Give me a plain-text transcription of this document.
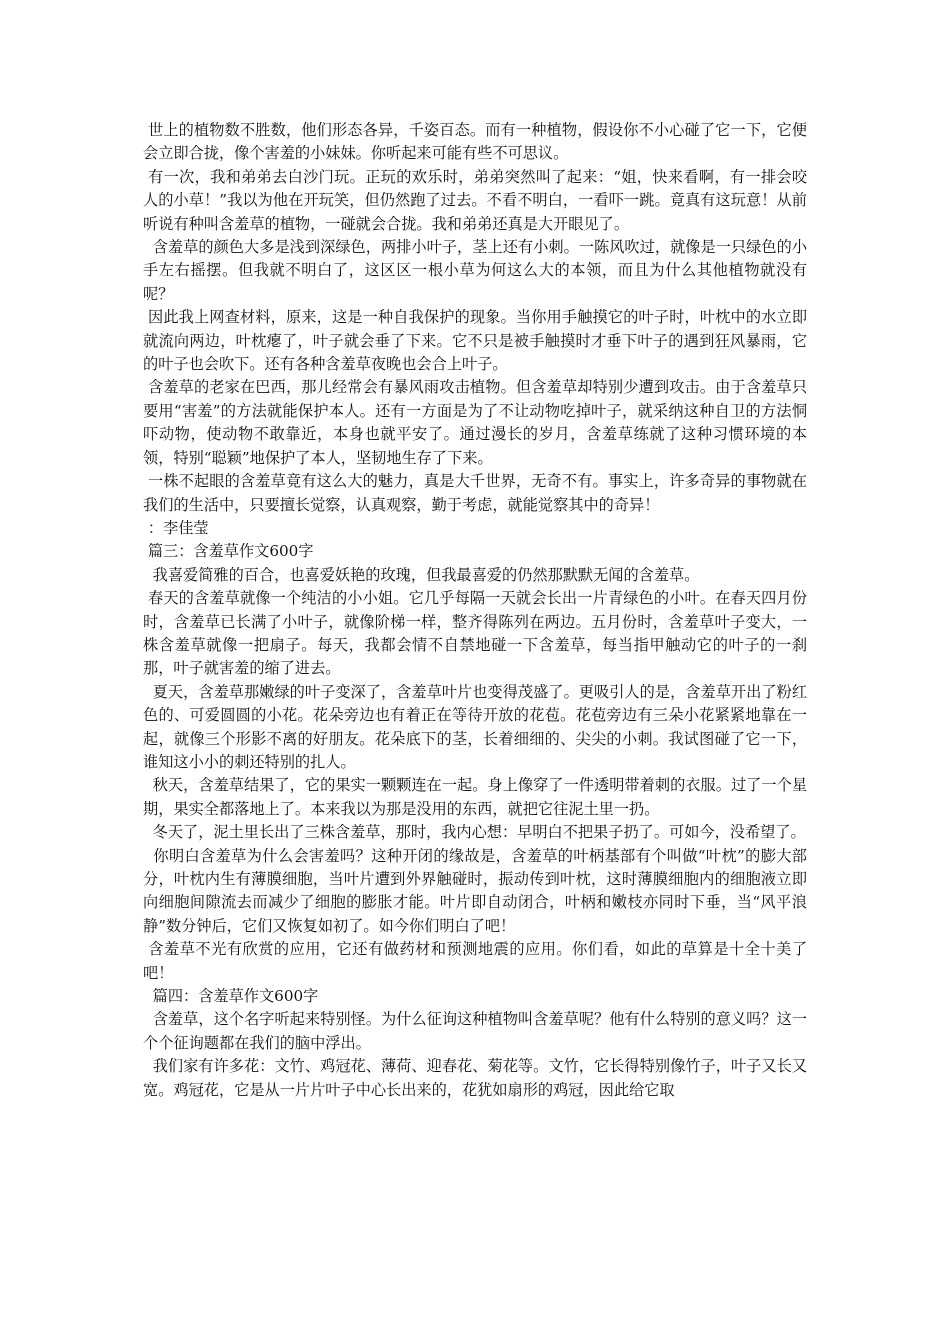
世上的植物数不胜数，他们形态各异，千姿百态。而有一种植物，假设你不小心碰了它一下，它便会立即合拢，像个害羞的小妹妹。你听起来可能有些不可思议。

有一次，我和弟弟去白沙门玩。正玩的欢乐时，弟弟突然叫了起来：“姐，快来看啊，有一排会咬人的小草！”我以为他在开玩笑，但仍然跑了过去。不看不明白，一看吓一跳。竟真有这玩意！从前听说有种叫含羞草的植物，一碰就会合拢。我和弟弟还真是大开眼见了。

含羞草的颜色大多是浅到深绿色，两排小叶子，茎上还有小刺。一陈风吹过，就像是一只绿色的小手左右摇摆。但我就不明白了，这区区一根小草为何这么大的本领，而且为什么其他植物就没有呢？

因此我上网查材料，原来，这是一种自我保护的现象。当你用手触摸它的叶子时，叶枕中的水立即就流向两边，叶枕瘪了，叶子就会垂了下来。它不只是被手触摸时才垂下叶子的遇到狂风暴雨，它的叶子也会吹下。还有各种含羞草夜晚也会合上叶子。

含羞草的老家在巴西，那儿经常会有暴风雨攻击植物。但含羞草却特别少遭到攻击。由于含羞草只要用“害羞”的方法就能保护本人。还有一方面是为了不让动物吃掉叶子，就采纳这种自卫的方法恫吓动物，使动物不敢靠近，本身也就平安了。通过漫长的岁月，含羞草练就了这种习惯环境的本领，特别“聪颖”地保护了本人，坚韧地生存了下来。

一株不起眼的含羞草竟有这么大的魅力，真是大千世界，无奇不有。事实上，许多奇异的事物就在我们的生活中，只要擅长觉察，认真观察，勤于考虑，就能觉察其中的奇异！

：李佳莹

篇三：含羞草作文600字

我喜爱简雅的百合，也喜爱妖艳的玫瑰，但我最喜爱的仍然那默默无闻的含羞草。

春天的含羞草就像一个纯洁的小小姐。它几乎每隔一天就会长出一片青绿色的小叶。在春天四月份时，含羞草已长满了小叶子，就像阶梯一样，整齐得陈列在两边。五月份时，含羞草叶子变大，一株含羞草就像一把扇子。每天，我都会情不自禁地碰一下含羞草，每当指甲触动它的叶子的一刹那，叶子就害羞的缩了进去。

夏天，含羞草那嫩绿的叶子变深了，含羞草叶片也变得茂盛了。更吸引人的是，含羞草开出了粉红色的、可爱圆圆的小花。花朵旁边也有着正在等待开放的花苞。花苞旁边有三朵小花紧紧地靠在一起，就像三个形影不离的好朋友。花朵底下的茎，长着细细的、尖尖的小刺。我试图碰了它一下，谁知这小小的刺还特别的扎人。

秋天，含羞草结果了，它的果实一颗颗连在一起。身上像穿了一件透明带着刺的衣服。过了一个星期，果实全都落地上了。本来我以为那是没用的东西，就把它往泥土里一扔。

冬天了，泥土里长出了三株含羞草，那时，我内心想：早明白不把果子扔了。可如今，没希望了。

你明白含羞草为什么会害羞吗？这种开闭的缘故是，含羞草的叶柄基部有个叫做“叶枕”的膨大部分，叶枕内生有薄膜细胞，当叶片遭到外界触碰时，振动传到叶枕，这时薄膜细胞内的细胞液立即向细胞间隙流去而减少了细胞的膨胀才能。叶片即自动闭合，叶柄和嫩枝亦同时下垂，当“风平浪静”数分钟后，它们又恢复如初了。如今你们明白了吧！

含羞草不光有欣赏的应用，它还有做药材和预测地震的应用。你们看，如此的草算是十全十美了吧！

篇四：含羞草作文600字

含羞草，这个名字听起来特别怪。为什么征询这种植物叫含羞草呢？他有什么特别的意义吗？这一个个征询题都在我们的脑中浮出。

我们家有许多花：文竹、鸡冠花、薄荷、迎春花、菊花等。文竹，它长得特别像竹子，叶子又长又宽。鸡冠花，它是从一片片叶子中心长出来的，花犹如扇形的鸡冠，因此给它取
